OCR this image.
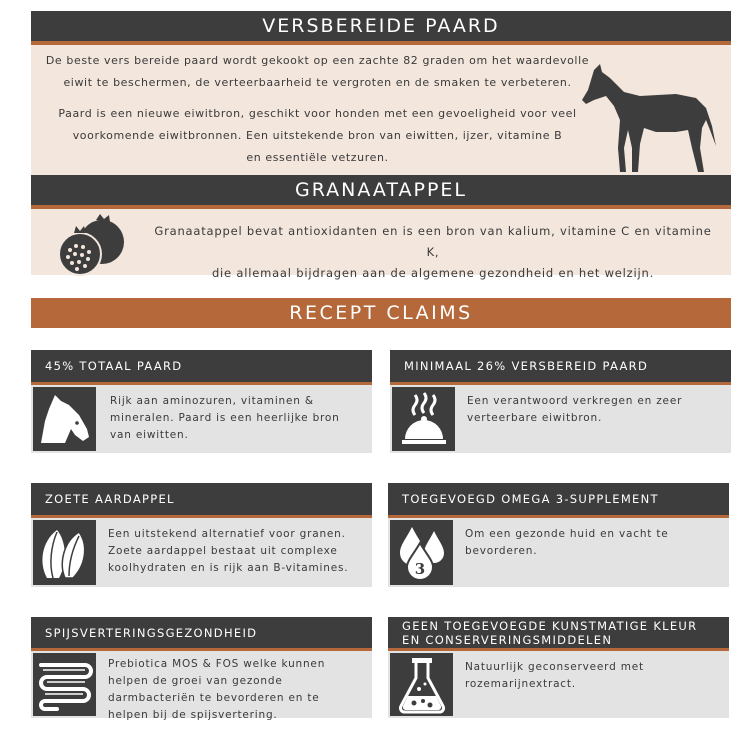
VERSBEREIDE PAARD
De beste vers bereide paard wordt gekookt op een zachte 82 graden om het waardevolle
eiwit te beschermen, de verteerbaarheid te vergroten en de smaken te verbeteren.
Paard is een nieuwe eiwitbron, geschikt voor honden met een gevoeligheid voor veel
voorkomende eiwitbronnen. Een uitstekende bron van eiwitten, ijzer, vitamine B
en essentiële vetzuren.
GRANAATAPPEL
Granaatappel bevat antioxidanten en is een bron van kalium, vitamine C en vitamine K,
die allemaal bijdragen aan de algemene gezondheid en het welzijn.
RECEPT CLAIMS
45% TOTAAL PAARD
Rijk aan aminozuren, vitaminen & mineralen. Paard is een heerlijke bron van eiwitten.
MINIMAAL 26% VERSBEREID PAARD
Een verantwoord verkregen en zeer verteerbare eiwitbron.
ZOETE AARDAPPEL
Een uitstekend alternatief voor granen. Zoete aardappel bestaat uit complexe koolhydraten en is rijk aan B-vitamines.
TOEGEVOEGD OMEGA 3-SUPPLEMENT
3
Om een gezonde huid en vacht te bevorderen.
SPIJSVERTERINGSGEZONDHEID
Prebiotica MOS & FOS welke kunnen helpen de groei van gezonde darmbacteriën te bevorderen en te helpen bij de spijsvertering.
GEEN TOEGEVOEGDE KUNSTMATIGE KLEUR
EN CONSERVERINGSMIDDELEN
Natuurlijk geconserveerd met rozemarijnextract.
